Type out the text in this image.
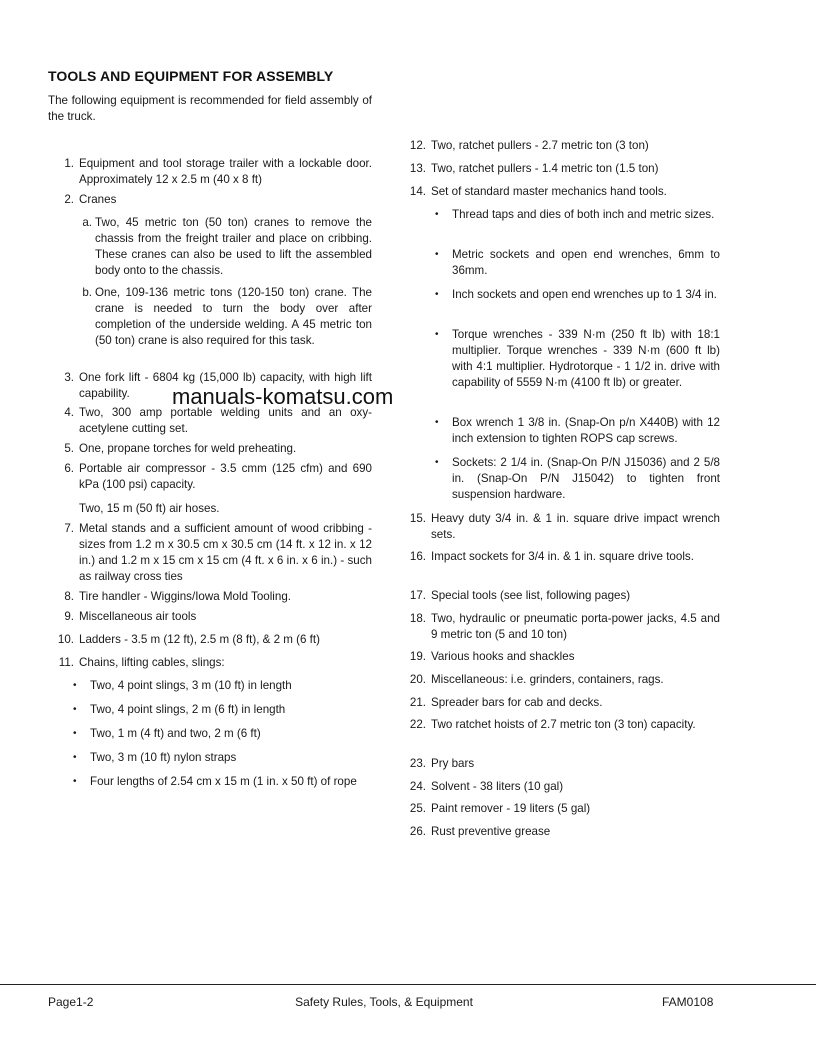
TOOLS AND EQUIPMENT FOR ASSEMBLY

The following equipment is recommended for field assembly of the truck.

1. Equipment and tool storage trailer with a lockable door. Approximately 12 x 2.5 m (40 x 8 ft)
2. Cranes
a. Two, 45 metric ton (50 ton) cranes to remove the chassis from the freight trailer and place on cribbing. These cranes can also be used to lift the assembled body onto to the chassis.
b. One, 109-136 metric tons (120-150 ton) crane. The crane is needed to turn the body over after completion of the underside welding. A 45 metric ton (50 ton) crane is also required for this task.
3. One fork lift - 6804 kg (15,000 lb) capacity, with high lift capability.
4. Two, 300 amp portable welding units and an oxy-acetylene cutting set.
5. One, propane torches for weld preheating.
6. Portable air compressor - 3.5 cmm (125 cfm) and 690 kPa (100 psi) capacity.
Two, 15 m (50 ft) air hoses.
7. Metal stands and a sufficient amount of wood cribbing - sizes from 1.2 m x 30.5 cm x 30.5 cm (14 ft. x 12 in. x 12 in.) and 1.2 m x 15 cm x 15 cm (4 ft. x 6 in. x 6 in.) - such as railway cross ties
8. Tire handler - Wiggins/Iowa Mold Tooling.
9. Miscellaneous air tools
10. Ladders - 3.5 m (12 ft), 2.5 m (8 ft), & 2 m (6 ft)
11. Chains, lifting cables, slings:
• Two, 4 point slings, 3 m (10 ft) in length
• Two, 4 point slings, 2 m (6 ft) in length
• Two, 1 m (4 ft) and two, 2 m (6 ft)
• Two, 3 m (10 ft) nylon straps
• Four lengths of 2.54 cm x 15 m (1 in. x 50 ft) of rope
12. Two, ratchet pullers - 2.7 metric ton (3 ton)
13. Two, ratchet pullers - 1.4 metric ton (1.5 ton)
14. Set of standard master mechanics hand tools.
• Thread taps and dies of both inch and metric sizes.
• Metric sockets and open end wrenches, 6mm to 36mm.
• Inch sockets and open end wrenches up to 1 3/4 in.
• Torque wrenches - 339 N·m (250 ft lb) with 18:1 multiplier. Torque wrenches - 339 N·m (600 ft lb) with 4:1 multiplier. Hydrotorque - 1 1/2 in. drive with capability of 5559 N·m (4100 ft lb) or greater.
• Box wrench 1 3/8 in. (Snap-On p/n X440B) with 12 inch extension to tighten ROPS cap screws.
• Sockets: 2 1/4 in. (Snap-On P/N J15036) and 2 5/8 in. (Snap-On P/N J15042) to tighten front suspension hardware.
15. Heavy duty 3/4 in. & 1 in. square drive impact wrench sets.
16. Impact sockets for 3/4 in. & 1 in. square drive tools.
17. Special tools (see list, following pages)
18. Two, hydraulic or pneumatic porta-power jacks, 4.5 and 9 metric ton (5 and 10 ton)
19. Various hooks and shackles
20. Miscellaneous: i.e. grinders, containers, rags.
21. Spreader bars for cab and decks.
22. Two ratchet hoists of 2.7 metric ton (3 ton) capacity.
23. Pry bars
24. Solvent - 38 liters (10 gal)
25. Paint remover - 19 liters (5 gal)
26. Rust preventive grease
manuals-komatsu.com
Page1-2	Safety Rules, Tools, & Equipment	FAM0108
